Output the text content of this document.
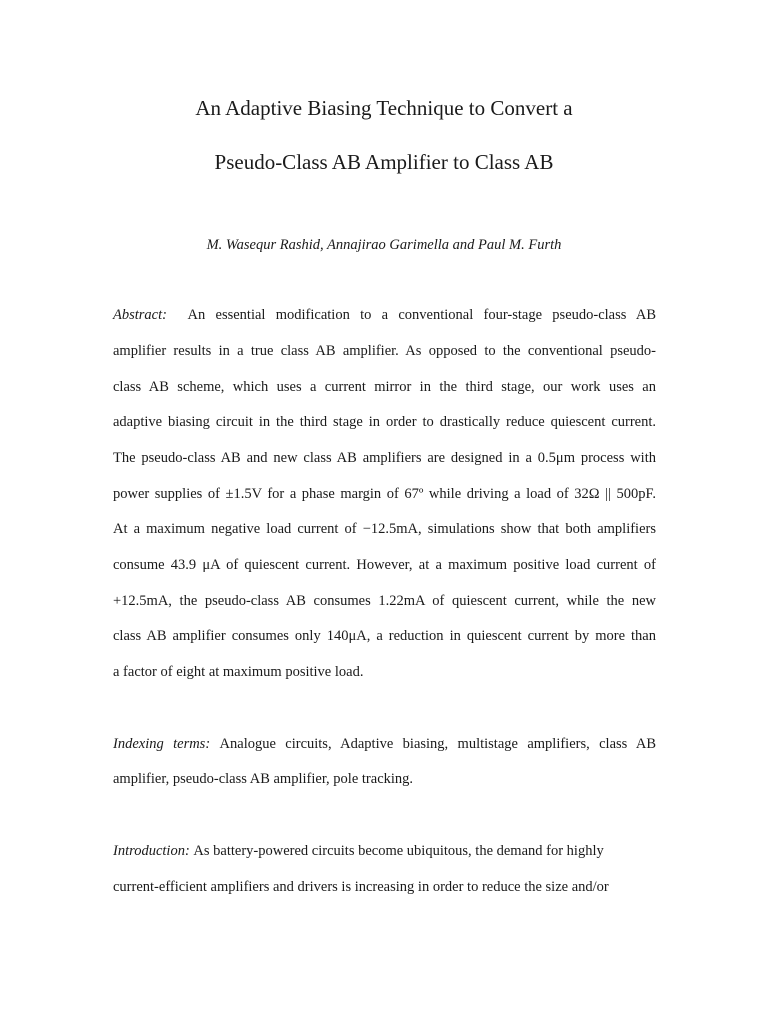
An Adaptive Biasing Technique to Convert a
Pseudo-Class AB Amplifier to Class AB
M. Wasequr Rashid, Annajirao Garimella and Paul M. Furth
Abstract: An essential modification to a conventional four-stage pseudo-class AB
amplifier results in a true class AB amplifier. As opposed to the conventional pseudo-
class AB scheme, which uses a current mirror in the third stage, our work uses an
adaptive biasing circuit in the third stage in order to drastically reduce quiescent current.
The pseudo-class AB and new class AB amplifiers are designed in a 0.5μm process with
power supplies of ±1.5V for a phase margin of 67º while driving a load of 32Ω || 500pF.
At a maximum negative load current of −12.5mA, simulations show that both amplifiers
consume 43.9 μA of quiescent current. However, at a maximum positive load current of
+12.5mA, the pseudo-class AB consumes 1.22mA of quiescent current, while the new
class AB amplifier consumes only 140μA, a reduction in quiescent current by more than
a factor of eight at maximum positive load.
Indexing terms: Analogue circuits, Adaptive biasing, multistage amplifiers, class AB
amplifier, pseudo-class AB amplifier, pole tracking.
Introduction: As battery-powered circuits become ubiquitous, the demand for highly
current-efficient amplifiers and drivers is increasing in order to reduce the size and/or
